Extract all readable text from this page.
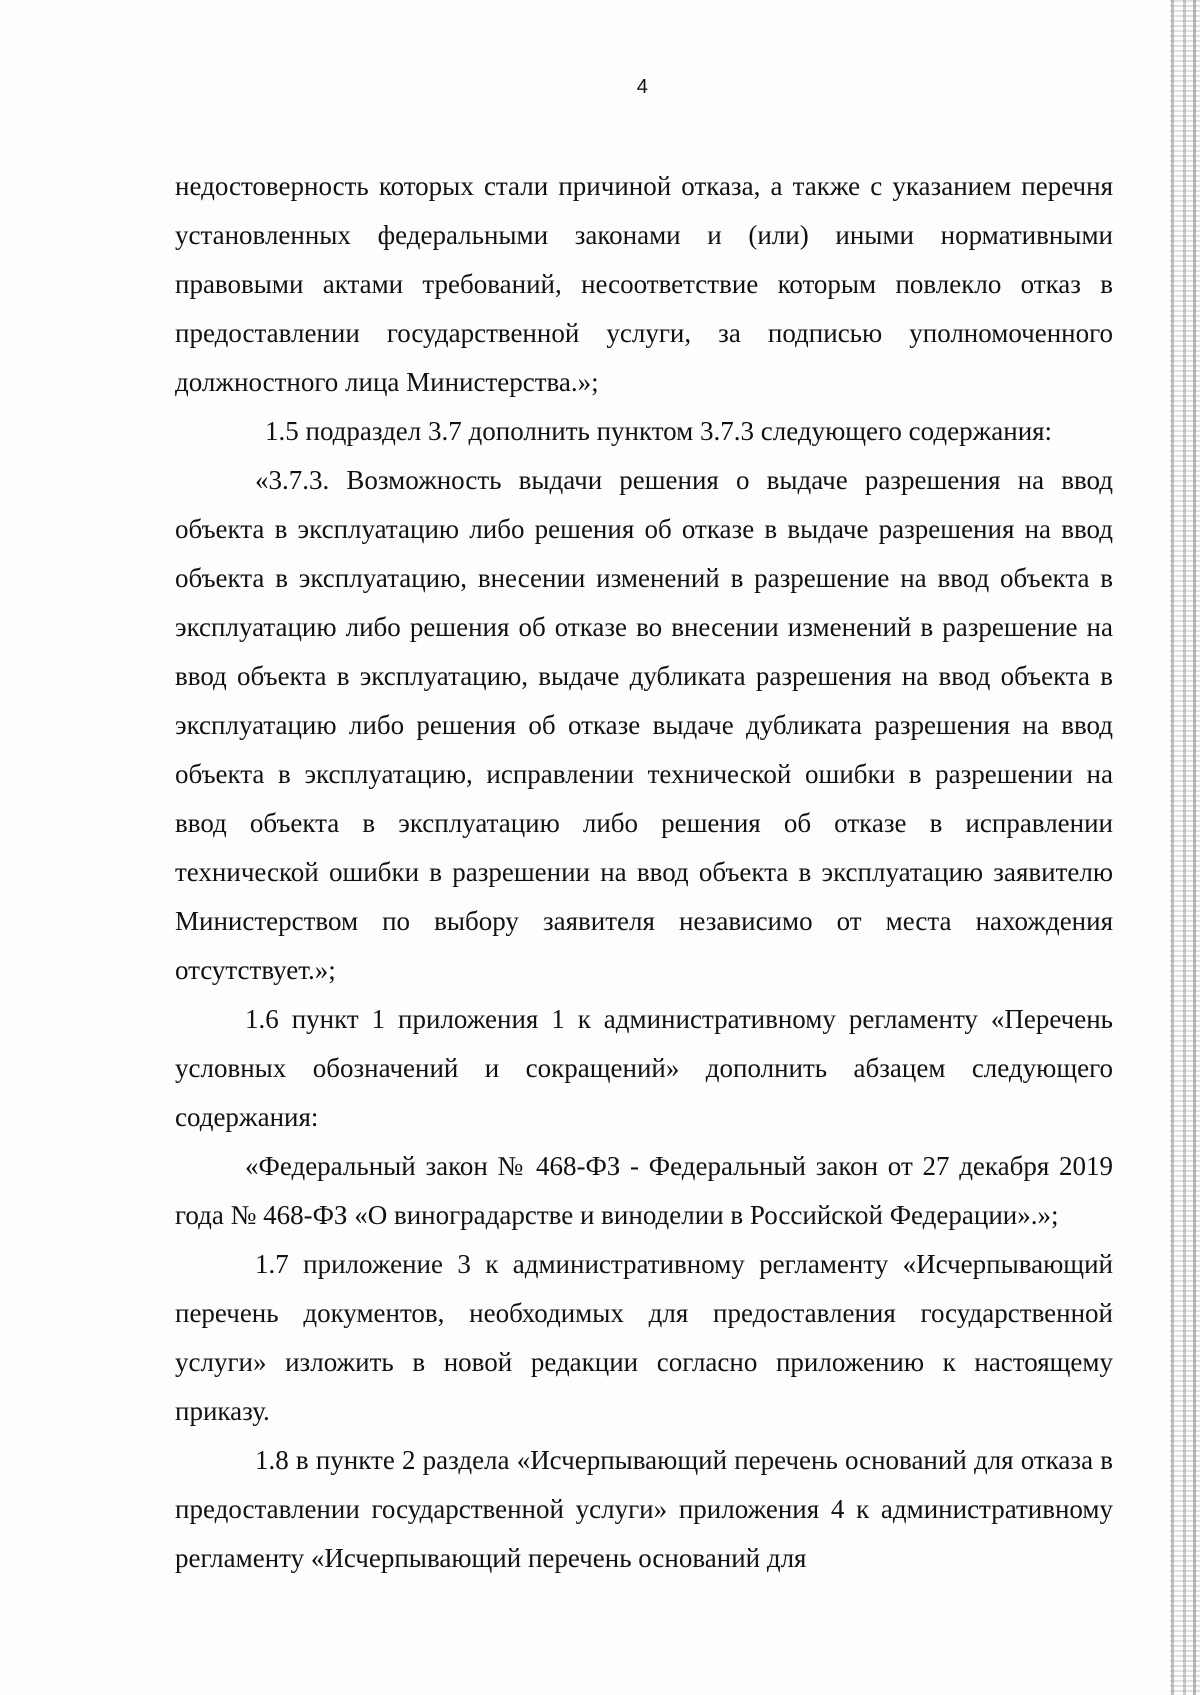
4

недостоверность которых стали причиной отказа, а также с указанием перечня установленных федеральными законами и (или) иными нормативными правовыми актами требований, несоответствие которым повлекло отказ в предоставлении государственной услуги, за подписью уполномоченного должностного лица Министерства.»;

1.5 подраздел 3.7 дополнить пунктом 3.7.3 следующего содержания:

«3.7.3. Возможность выдачи решения о выдаче разрешения на ввод объекта в эксплуатацию либо решения об отказе в выдаче разрешения на ввод объекта в эксплуатацию, внесении изменений в разрешение на ввод объекта в эксплуатацию либо решения об отказе во внесении изменений в разрешение на ввод объекта в эксплуатацию, выдаче дубликата разрешения на ввод объекта в эксплуатацию либо решения об отказе выдаче дубликата разрешения на ввод объекта в эксплуатацию, исправлении технической ошибки в разрешении на ввод объекта в эксплуатацию либо решения об отказе в исправлении технической ошибки в разрешении на ввод объекта в эксплуатацию заявителю Министерством по выбору заявителя независимо от места нахождения отсутствует.»;

1.6 пункт 1 приложения 1 к административному регламенту «Перечень условных обозначений и сокращений» дополнить абзацем следующего содержания:

«Федеральный закон № 468-ФЗ - Федеральный закон от 27 декабря 2019 года № 468-ФЗ «О виноградарстве и виноделии в Российской Федерации».»;

1.7 приложение 3 к административному регламенту «Исчерпывающий перечень документов, необходимых для предоставления государственной услуги» изложить в новой редакции согласно приложению к настоящему приказу.

1.8 в пункте 2 раздела «Исчерпывающий перечень оснований для отказа в предоставлении государственной услуги» приложения 4 к административному регламенту «Исчерпывающий перечень оснований для
